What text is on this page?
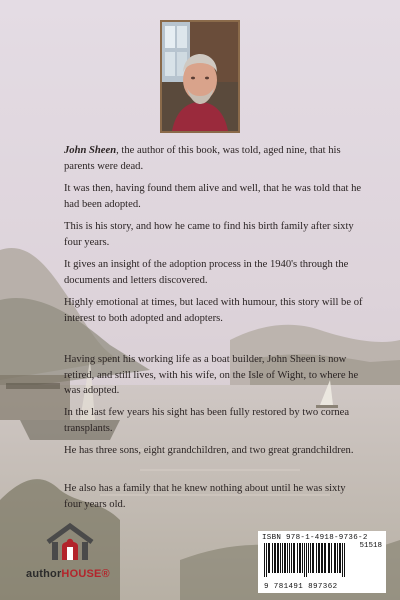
John Sheen, the author of this book, was told, aged nine, that his parents were dead.

It was then, having found them alive and well, that he was told that he had been adopted.

This is his story, and how he came to find his birth family after sixty four years.

It gives an insight of the adoption process in the 1940's through the documents and letters discovered.

Highly emotional at times, but laced with humour, this story will be of interest to both adopted and adopters.

Having spent his working life as a boat builder, John Sheen is now retired, and still lives, with his wife, on the Isle of Wight, to where he was adopted.

In the last few years his sight has been fully restored by two cornea transplants.

He has three sons, eight grandchildren, and two great grandchildren.

He also has a family that he knew nothing about until he was sixty four years old.

authorHOUSE®
ISBN 978-1-4918-9736-2
51518
9 781491 897362
